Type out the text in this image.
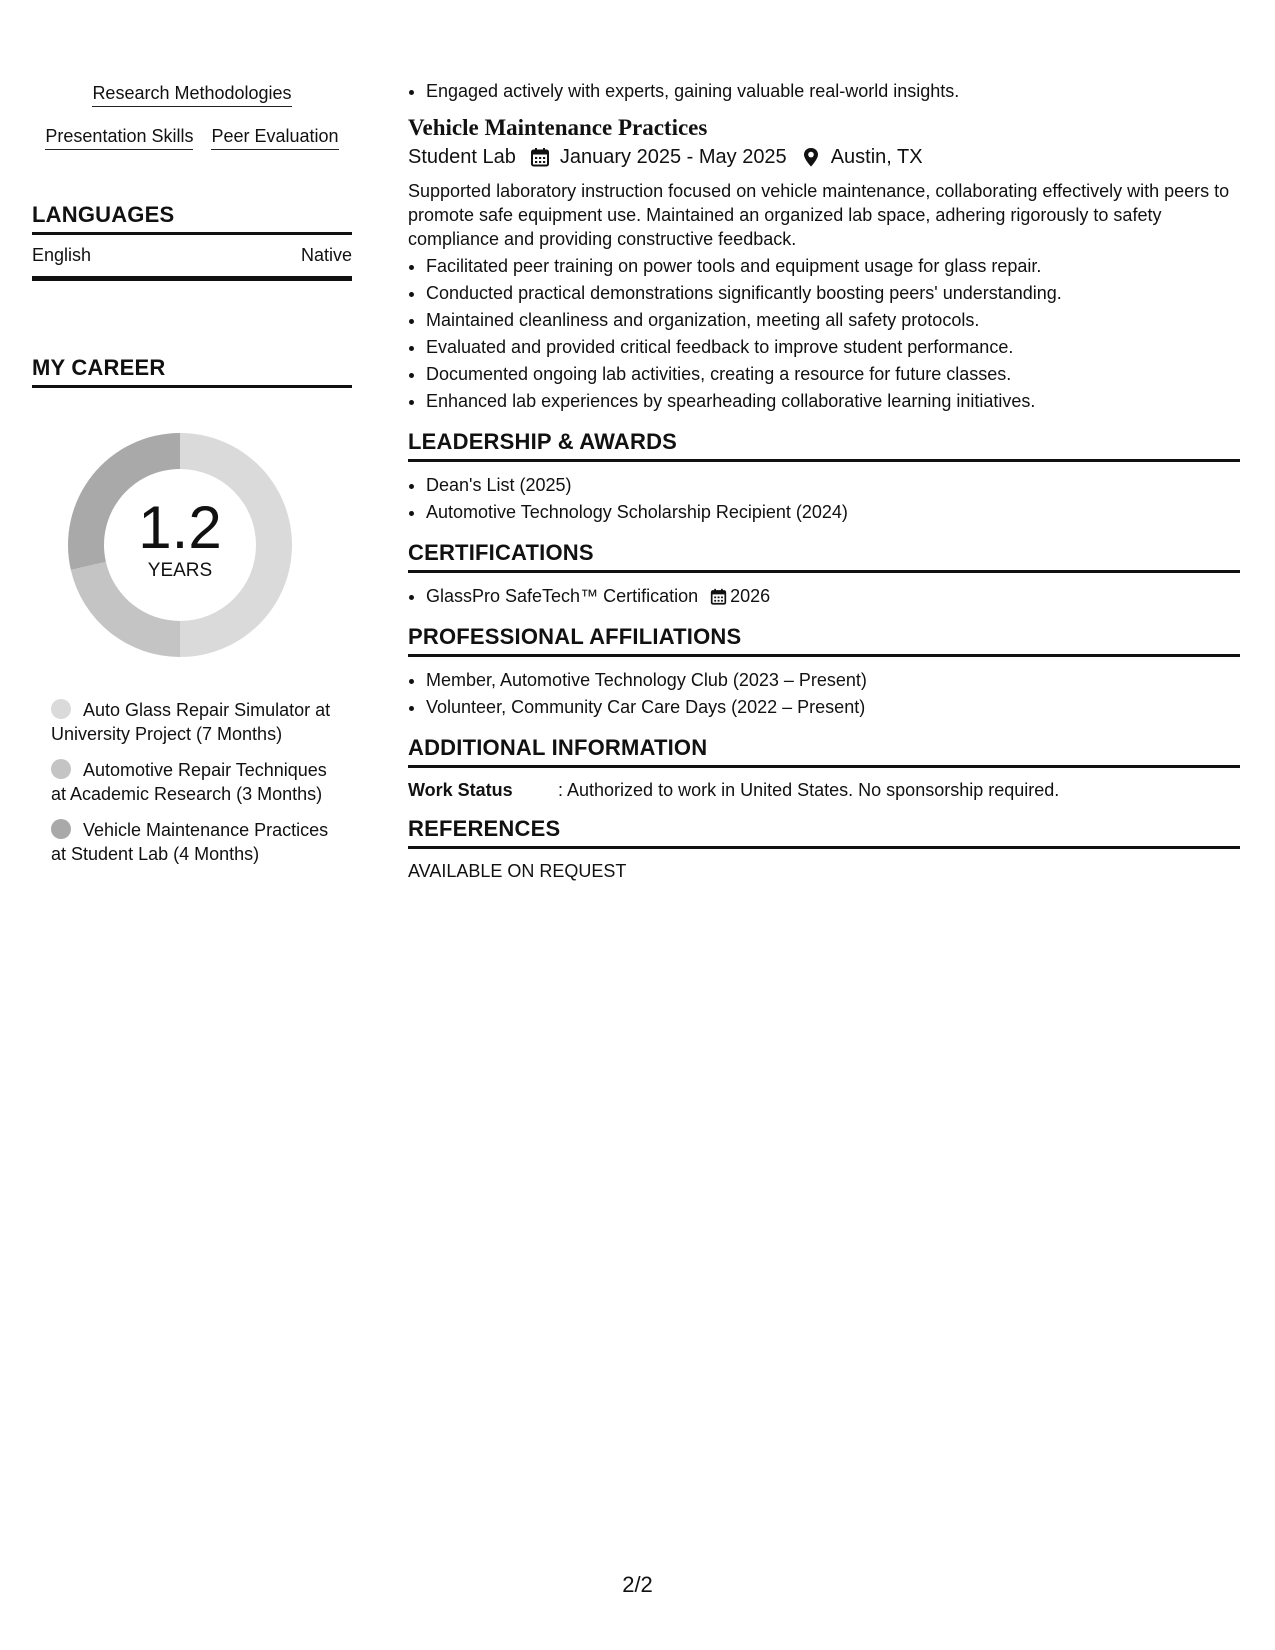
Research Methodologies
Presentation Skills Peer Evaluation
LANGUAGES
English	Native
MY CAREER
1.2
YEARS
Auto Glass Repair Simulator at University Project (7 Months)
Automotive Repair Techniques at Academic Research (3 Months)
Vehicle Maintenance Practices at Student Lab (4 Months)
• Engaged actively with experts, gaining valuable real-world insights.
Vehicle Maintenance Practices
Student Lab January 2025 - May 2025 Austin, TX

Supported laboratory instruction focused on vehicle maintenance, collaborating effectively with peers to promote safe equipment use. Maintained an organized lab space, adhering rigorously to safety compliance and providing constructive feedback.

• Facilitated peer training on power tools and equipment usage for glass repair.
• Conducted practical demonstrations significantly boosting peers' understanding.
• Maintained cleanliness and organization, meeting all safety protocols.
• Evaluated and provided critical feedback to improve student performance.
• Documented ongoing lab activities, creating a resource for future classes.
• Enhanced lab experiences by spearheading collaborative learning initiatives.
LEADERSHIP & AWARDS
• Dean's List (2025)
• Automotive Technology Scholarship Recipient (2024)
CERTIFICATIONS
• GlassPro SafeTech™ Certification 2026
PROFESSIONAL AFFILIATIONS
• Member, Automotive Technology Club (2023 – Present)
• Volunteer, Community Car Care Days (2022 – Present)
ADDITIONAL INFORMATION
Work Status	: Authorized to work in United States. No sponsorship required.
REFERENCES
AVAILABLE ON REQUEST
2/2
